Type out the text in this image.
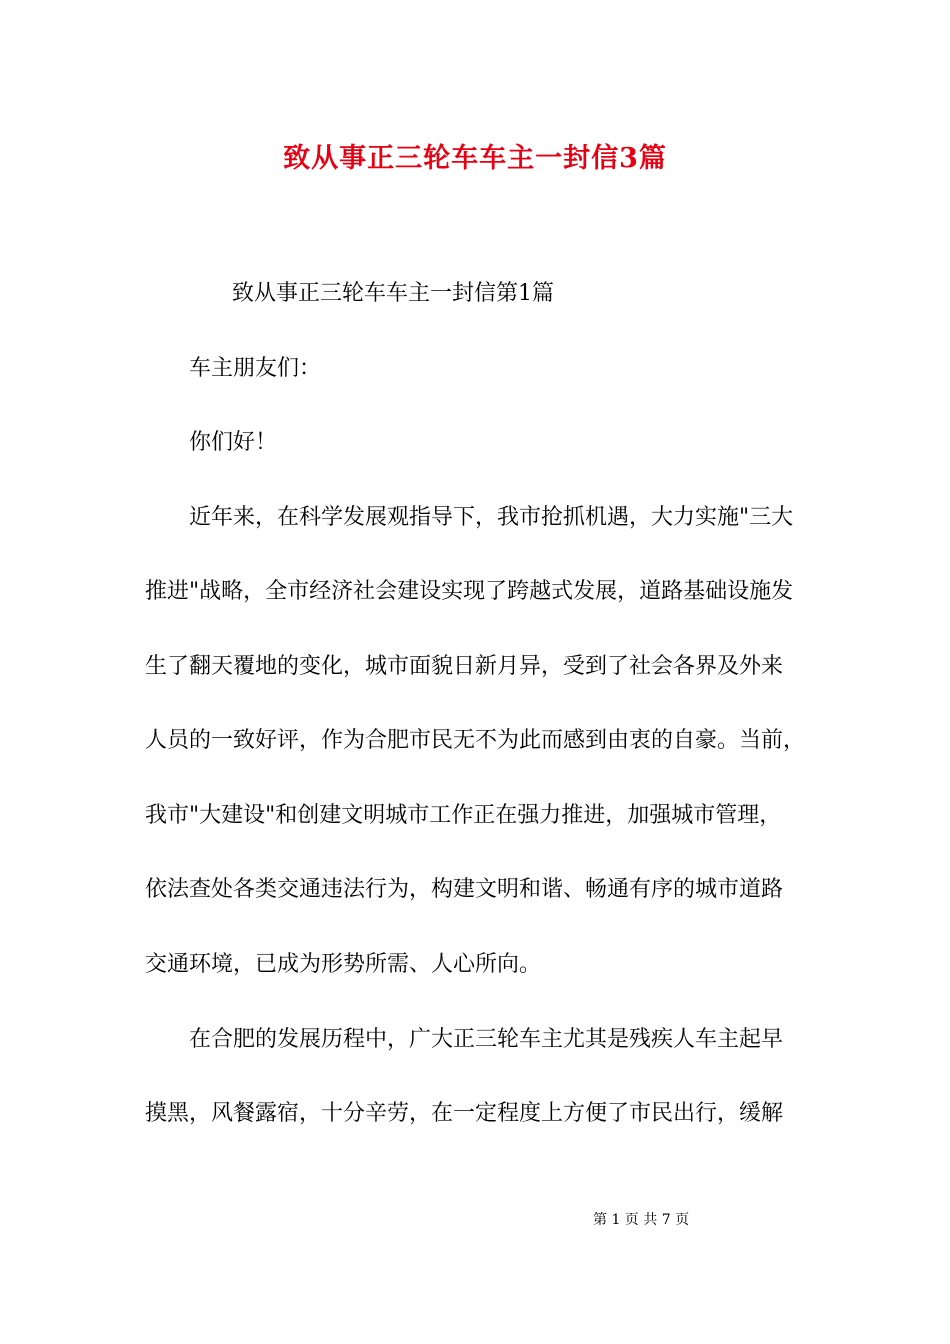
致从事正三轮车车主一封信3篇
致从事正三轮车车主一封信第1篇
车主朋友们：
你们好！
近年来，在科学发展观指导下，我市抢抓机遇，大力实施"三大
推进"战略，全市经济社会建设实现了跨越式发展，道路基础设施发
生了翻天覆地的变化，城市面貌日新月异，受到了社会各界及外来
人员的一致好评，作为合肥市民无不为此而感到由衷的自豪。当前，
我市"大建设"和创建文明城市工作正在强力推进，加强城市管理，
依法查处各类交通违法行为，构建文明和谐、畅通有序的城市道路
交通环境，已成为形势所需、人心所向。
在合肥的发展历程中，广大正三轮车主尤其是残疾人车主起早
摸黑，风餐露宿，十分辛劳，在一定程度上方便了市民出行，缓解
第 1 页 共 7 页
